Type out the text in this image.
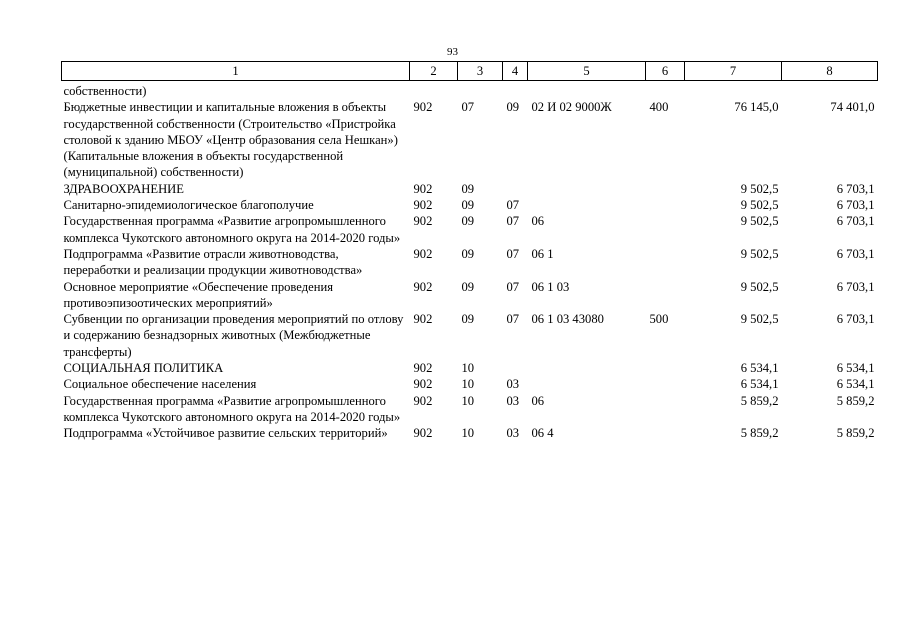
93
1	2	3	4	5	6	7	8
собственности)							
Бюджетные инвестиции и капитальные вложения в объекты государственной собственности (Строительство «Пристройка столовой к зданию МБОУ «Центр образования села Нешкан») (Капитальные вложения в объекты государственной (муниципальной) собственности)	902	07	09	02 И 02 9000Ж	400	76 145,0	74 401,0
ЗДРАВООХРАНЕНИЕ	902	09				9 502,5	6 703,1
Санитарно-эпидемиологическое благополучие	902	09	07			9 502,5	6 703,1
Государственная программа «Развитие агропромышленного комплекса Чукотского автономного округа на 2014-2020 годы»	902	09	07	06		9 502,5	6 703,1
Подпрограмма «Развитие отрасли животноводства, переработки и реализации продукции животноводства»	902	09	07	06 1		9 502,5	6 703,1
Основное мероприятие «Обеспечение проведения противоэпизоотических мероприятий»	902	09	07	06 1 03		9 502,5	6 703,1
Субвенции по организации проведения мероприятий по отлову и содержанию безнадзорных животных (Межбюджетные трансферты)	902	09	07	06 1 03 43080	500	9 502,5	6 703,1
СОЦИАЛЬНАЯ ПОЛИТИКА	902	10				6 534,1	6 534,1
Социальное обеспечение населения	902	10	03			6 534,1	6 534,1
Государственная программа «Развитие агропромышленного комплекса Чукотского автономного округа на 2014-2020 годы»	902	10	03	06		5 859,2	5 859,2
Подпрограмма «Устойчивое развитие сельских территорий»	902	10	03	06 4		5 859,2	5 859,2
